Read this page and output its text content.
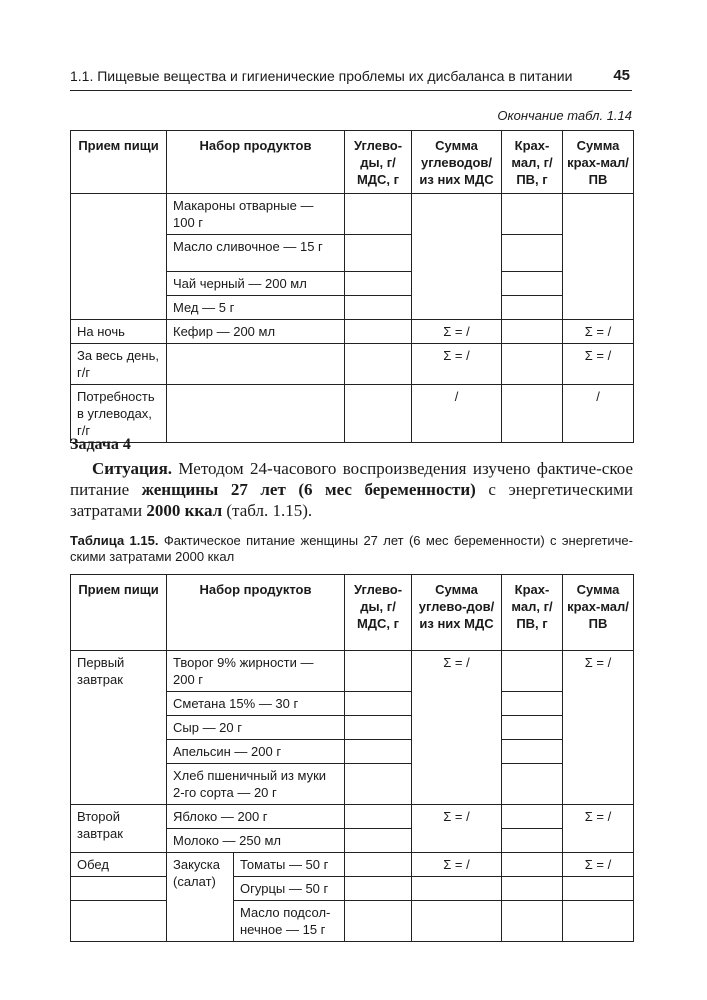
1.1. Пищевые вещества и гигиенические проблемы их дисбаланса в питании	45
Окончание табл. 1.14
Прием пищи	Набор продуктов	Углево-ды, г/МДС, г	Сумма углеводов/ из них МДС	Крах-мал, г/ПВ, г	Сумма крах-мал/ПВ
	Макароны отварные — 100 г				
	Масло сливочное — 15 г				
	Чай черный — 200 мл				
	Мед — 5 г				
На ночь	Кефир — 200 мл		Σ = /		Σ = /
За весь день, г/г			Σ = /		Σ = /
Потребность в углеводах, г/г			/		/
Задача 4
Ситуация. Методом 24-часового воспроизведения изучено фактиче-ское питание женщины 27 лет (6 мес беременности) с энергетическими затратами 2000 ккал (табл. 1.15).
Таблица 1.15. Фактическое питание женщины 27 лет (6 мес беременности) с энергетиче-скими затратами 2000 ккал
Прием пищи	Набор продуктов		Углево-ды, г/ МДС, г	Сумма углево-дов/из них МДС	Крах-мал, г/ ПВ, г	Сумма крах-мал/ПВ
Первый завтрак	Творог 9% жирности — 200 г			Σ = /		Σ = /
	Сметана 15% — 30 г					
	Сыр — 20 г					
	Апельсин — 200 г					
	Хлеб пшеничный из муки 2-го сорта — 20 г					
Второй завтрак	Яблоко — 200 г			Σ = /		Σ = /
	Молоко — 250 мл					
Обед	Закуска (салат)	Томаты — 50 г		Σ = /		Σ = /
		Огурцы — 50 г				
		Масло подсол-нечное — 15 г				
